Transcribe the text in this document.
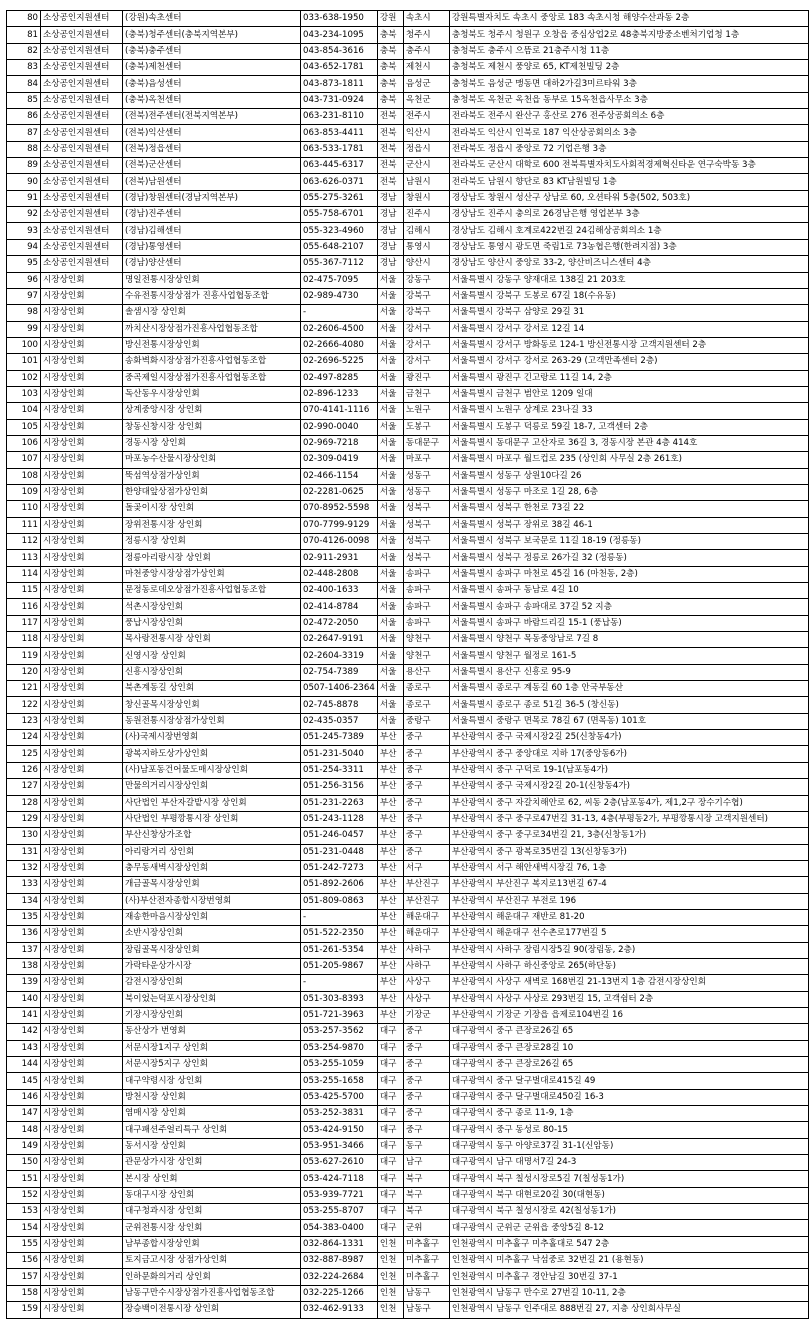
80	소상공인지원센터	(강원)속초센터	033-638-1950	강원	속초시	강원특별자치도 속초시 중앙로 183 속초시청 해양수산과동 2층
81	소상공인지원센터	(충북)청주센터(충북지역본부)	043-234-1095	충북	청주시	충청북도 청주시 청원구 오창읍 중심상업2로 48충북지방중소벤처기업청 1층
82	소상공인지원센터	(충북)충주센터	043-854-3616	충북	충주시	충청북도 충주시 으뜸로 21충주시청 11층
83	소상공인지원센터	(충북)제천센터	043-652-1781	충북	제천시	충청북도 제천시 풍양로 65, KT제천빌딩 2층
84	소상공인지원센터	(충북)음성센터	043-873-1811	충북	음성군	충청북도 음성군 맹동면 대하2가길3미르타워 3층
85	소상공인지원센터	(충북)옥천센터	043-731-0924	충북	옥천군	충청북도 옥천군 옥천읍 동부로 15옥천읍사무소 3층
86	소상공인지원센터	(전북)전주센터(전북지역본부)	063-231-8110	전북	전주시	전라북도 전주시 완산구 홍산로 276 전주상공회의소 6층
87	소상공인지원센터	(전북)익산센터	063-853-4411	전북	익산시	전라북도 익산시 인북로 187 익산상공회의소 3층
88	소상공인지원센터	(전북)정읍센터	063-533-1781	전북	정읍시	전라북도 정읍시 중앙로 72 기업은행 3층
89	소상공인지원센터	(전북)군산센터	063-445-6317	전북	군산시	전라북도 군산시 대학로 600 전북특별자치도사회적경제혁신타운 연구숙박동 3층
90	소상공인지원센터	(전북)남원센터	063-626-0371	전북	남원시	전라북도 남원시 향단로 83 KT남원빌딩 1층
91	소상공인지원센터	(경남)창원센터(경남지역본부)	055-275-3261	경남	창원시	경상남도 창원시 성산구 상남로 60, 오션타워 5층(502, 503호)
92	소상공인지원센터	(경남)진주센터	055-758-6701	경남	진주시	경상남도 진주시 충의로 26경남은행 영업본부 3층
93	소상공인지원센터	(경남)김해센터	055-323-4960	경남	김해시	경상남도 김해시 호계로422번길 24김해상공회의소 1층
94	소상공인지원센터	(경남)통영센터	055-648-2107	경남	통영시	경상남도 통영시 광도면 죽림1로 73농협은행(한려지점) 3층
95	소상공인지원센터	(경남)양산센터	055-367-7112	경남	양산시	경상남도 양산시 중앙로 33-2, 양산비즈니스센터 4층
96	시장상인회	명일전통시장상인회	02-475-7095	서울	강동구	서울특별시 강동구 양재대로 138길 21 203호
97	시장상인회	수유전통시장상점가 진흥사업협동조합	02-989-4730	서울	강북구	서울특별시 강북구 도봉로 67길 18(수유동)
98	시장상인회	솔샘시장 상인회	-	서울	강북구	서울특별시 강북구 삼양로 29길 31
99	시장상인회	까치산시장상점가진흥사업협동조합	02-2606-4500	서울	강서구	서울특별시 강서구 강서로 12길 14
100	시장상인회	방신전통시장상인회	02-2666-4080	서울	강서구	서울특별시 강서구 방화동로 124-1 방신전통시장 고객지원센터 2층
101	시장상인회	송화벽화시장상점가진흥사업협동조합	02-2696-5225	서울	강서구	서울특별시 강서구 강서로 263-29 (고객만족센터 2층)
102	시장상인회	중곡제일시장상점가진흥사업협동조합	02-497-8285	서울	광진구	서울특별시 광진구 긴고랑로 11길 14, 2층
103	시장상인회	독산동우시장상인회	02-896-1233	서울	금천구	서울특별시 금천구 범안로 1209 일대
104	시장상인회	상계중앙시장 상인회	070-4141-1116	서울	노원구	서울특별시 노원구 상계로 23나길 33
105	시장상인회	창동신창시장 상인회	02-990-0040	서울	도봉구	서울특별시 도봉구 덕릉로 59길 18-7, 고객센터 2층
106	시장상인회	경동시장 상인회	02-969-7218	서울	동대문구	서울특별시 동대문구 고산자로 36길 3, 경동시장 본관 4층 414호
107	시장상인회	마포농수산물시장상인회	02-309-0419	서울	마포구	서울특별시 마포구 월드컵로 235 (상인회 사무실 2층 261호)
108	시장상인회	뚝섬역상점가상인회	02-466-1154	서울	성동구	서울특별시 성동구 상원10다길 26
109	시장상인회	한양대앞상점가상인회	02-2281-0625	서울	성동구	서울특별시 성동구 마조로 1길 28, 6층
110	시장상인회	돌곶이시장 상인회	070-8952-5598	서울	성북구	서울특별시 성북구 한천로 73길 22
111	시장상인회	장위전통시장 상인회	070-7799-9129	서울	성북구	서울특별시 성북구 장위로 38길 46-1
112	시장상인회	정릉시장 상인회	070-4126-0098	서울	성북구	서울특별시 성북구 보국문로 11길 18-19 (정릉동)
113	시장상인회	정릉아리랑시장 상인회	02-911-2931	서울	성북구	서울특별시 성북구 정릉로 26가길 32 (정릉동)
114	시장상인회	마천중앙시장상점가상인회	02-448-2808	서울	송파구	서울특별시 송파구 마천로 45길 16 (마천동, 2층)
115	시장상인회	문정동로데오상점가진흥사업협동조합	02-400-1633	서울	송파구	서울특별시 송파구 동남로 4길 10
116	시장상인회	석촌시장상인회	02-414-8784	서울	송파구	서울특별시 송파구 송파대로 37길 52 지층
117	시장상인회	풍납시장상인회	02-472-2050	서울	송파구	서울특별시 송파구 바람드리길 15-1 (풍납동)
118	시장상인회	목사랑전통시장 상인회	02-2647-9191	서울	양천구	서울특별시 양천구 목동중앙남로 7길 8
119	시장상인회	신영시장 상인회	02-2604-3319	서울	양천구	서울특별시 양천구 월정로 161-5
120	시장상인회	신흥시장상인회	02-754-7389	서울	용산구	서울특별시 용산구 신흥로 95-9
121	시장상인회	북촌계동길 상인회	0507-1406-2364	서울	종로구	서울특별시 종로구 계동길 60 1층 안국부동산
122	시장상인회	창신골목시장상인회	02-745-8878	서울	종로구	서울특별시 종로구 종로 51길 36-5 (창신동)
123	시장상인회	동원전통시장상점가상인회	02-435-0357	서울	중랑구	서울특별시 중랑구 면목로 78길 67 (면목동) 101호
124	시장상인회	(사)국제시장번영회	051-245-7389	부산	중구	부산광역시 중구 국제시장2길 25(신창동4가)
125	시장상인회	광복지하도상가상인회	051-231-5040	부산	중구	부산광역시 중구 중앙대로 지하 17(중앙동6가)
126	시장상인회	(사)남포동건어물도매시장상인회	051-254-3311	부산	중구	부산광역시 중구 구덕로 19-1(남포동4가)
127	시장상인회	만물의거리시장상인회	051-256-3156	부산	중구	부산광역시 중구 국제시장2길 20-1(신창동4가)
128	시장상인회	사단법인 부산자갈밭시장 상인회	051-231-2263	부산	중구	부산광역시 중구 자갈치해안로 62, 씨동 2층(남포동4가, 제1,2구 장수기수협)
129	시장상인회	사단법인 부평깡통시장 상인회	051-243-1128	부산	중구	부산광역시 중구 중구로47번길 31-13, 4층(부평동2가, 부평깡통시장 고객지원센터)
130	시장상인회	부산신창상가조합	051-246-0457	부산	중구	부산광역시 중구 중구로34번길 21, 3층(신창동1가)
131	시장상인회	아리랑거리 상인회	051-231-0448	부산	중구	부산광역시 중구 광복로35번길 13(신창동3가)
132	시장상인회	충무동새벽시장상인회	051-242-7273	부산	서구	부산광역시 서구 해안새벽시장길 76, 1층
133	시장상인회	개금골목시장상인회	051-892-2606	부산	부산진구	부산광역시 부산진구 복지로13번길 67-4
134	시장상인회	(사)부산전자종합시장번영회	051-809-0863	부산	부산진구	부산광역시 부산진구 부전로 196
135	시장상인회	재송한마음시장상인회	-	부산	해운대구	부산광역시 해운대구 재반로 81-20
136	시장상인회	소반시장상인회	051-522-2350	부산	해운대구	부산광역시 해운대구 선수촌로177번길 5
137	시장상인회	장림골목시장상인회	051-261-5354	부산	사하구	부산광역시 사하구 장림시장5길 90(장림동, 2층)
138	시장상인회	가락타운상가시장	051-205-9867	부산	사하구	부산광역시 사하구 하신중앙로 265(하단동)
139	시장상인회	감전시장상인회	-	부산	사상구	부산광역시 사상구 새벽로 168번길 21-13번지 1층 감전시장상인회
140	시장상인회	북이었는덕포시장상인회	051-303-8393	부산	사상구	부산광역시 사상구 사상로 293번길 15, 고객쉼터 2층
141	시장상인회	기장시장상인회	051-721-3963	부산	기장군	부산광역시 기장군 기장읍 읍제로104번길 16
142	시장상인회	동산상가 번영회	053-257-3562	대구	중구	대구광역시 중구 큰장로26길 65
143	시장상인회	서문시장1지구 상인회	053-254-9870	대구	중구	대구광역시 중구 큰장로28길 10
144	시장상인회	서문시장5지구 상인회	053-255-1059	대구	중구	대구광역시 중구 큰장로26길 65
145	시장상인회	대구약령시장 상인회	053-255-1658	대구	중구	대구광역시 중구 달구벌대로415길 49
146	시장상인회	방천시장 상인회	053-425-5700	대구	중구	대구광역시 중구 달구벌대로450길 16-3
147	시장상인회	염매시장 상인회	053-252-3831	대구	중구	대구광역시 중구 종로 11-9, 1층
148	시장상인회	대구패션주얼리특구 상인회	053-424-9150	대구	중구	대구광역시 중구 동성로 80-15
149	시장상인회	동서시장 상인회	053-951-3466	대구	동구	대구광역시 동구 아양로37길 31-1(신암동)
150	시장상인회	관문상가시장 상인회	053-627-2610	대구	남구	대구광역시 남구 대명서7길 24-3
151	시장상인회	본시장 상인회	053-424-7118	대구	북구	대구광역시 북구 칠성시장로5길 7(칠성동1가)
152	시장상인회	동대구시장 상인회	053-939-7721	대구	북구	대구광역시 북구 대현로20길 30(대현동)
153	시장상인회	대구청과시장 상인회	053-255-8707	대구	북구	대구광역시 북구 칠성시장로 42(칠성동1가)
154	시장상인회	군위전통시장 상인회	054-383-0400	대구	군위	대구광역시 군위군 군위읍 중앙5길 8-12
155	시장상인회	남부종합시장상인회	032-864-1331	인천	미추홀구	인천광역시 미추홀구 미추홀대로 547 2층
156	시장상인회	토지금고시장 상점가상인회	032-887-8987	인천	미추홀구	인천광역시 미추홀구 낙섬중로 32번길 21 (용현동)
157	시장상인회	인하문화의거리 상인회	032-224-2684	인천	미추홀구	인천광역시 미추홀구 경안남길 30번길 37-1
158	시장상인회	남동구만수시장상점가진흥사업협동조합	032-225-1266	인천	남동구	인천광역시 남동구 만수로 27번길 10-11, 2층
159	시장상인회	장승백이전통시장 상인회	032-462-9133	인천	남동구	인천광역시 남동구 인주대로 888번길 27, 지층 상인회사무실
